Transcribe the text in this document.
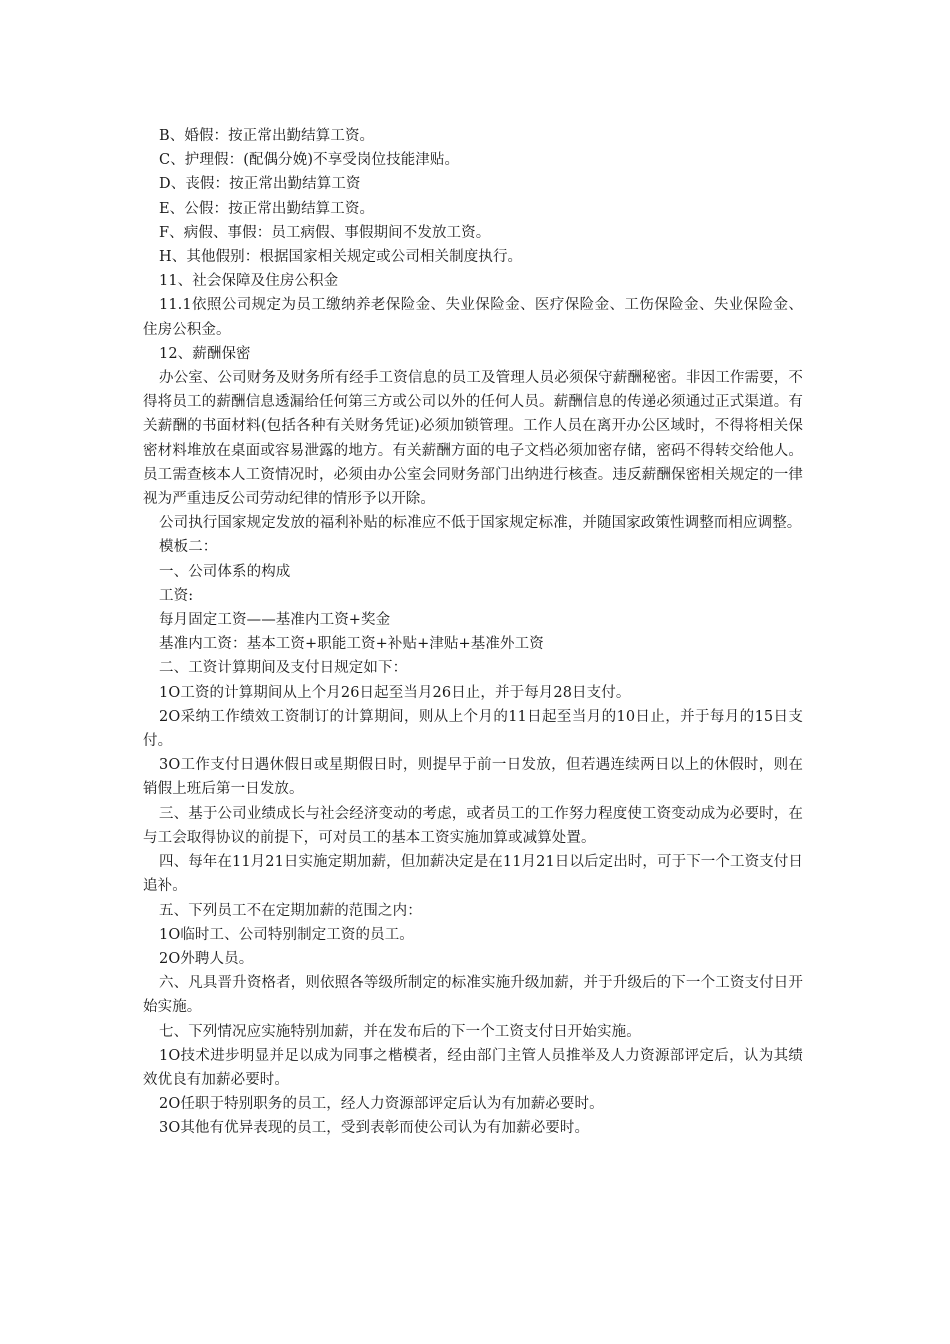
B、婚假：按正常出勤结算工资。

C、护理假：(配偶分娩)不享受岗位技能津贴。

D、丧假：按正常出勤结算工资

E、公假：按正常出勤结算工资。

F、病假、事假：员工病假、事假期间不发放工资。

H、其他假别：根据国家相关规定或公司相关制度执行。

11、社会保障及住房公积金

11.1依照公司规定为员工缴纳养老保险金、失业保险金、医疗保险金、工伤保险金、失业保险金、住房公积金。

12、薪酬保密

办公室、公司财务及财务所有经手工资信息的员工及管理人员必须保守薪酬秘密。非因工作需要，不得将员工的薪酬信息透漏给任何第三方或公司以外的任何人员。薪酬信息的传递必须通过正式渠道。有关薪酬的书面材料(包括各种有关财务凭证)必须加锁管理。工作人员在离开办公区域时，不得将相关保密材料堆放在桌面或容易泄露的地方。有关薪酬方面的电子文档必须加密存储，密码不得转交给他人。员工需查核本人工资情况时，必须由办公室会同财务部门出纳进行核查。违反薪酬保密相关规定的一律视为严重违反公司劳动纪律的情形予以开除。

公司执行国家规定发放的福利补贴的标准应不低于国家规定标准，并随国家政策性调整而相应调整。

模板二：

一、公司体系的构成

工资:

每月固定工资——基准内工资+奖金

基准内工资：基本工资+职能工资+补贴+津贴+基准外工资

二、工资计算期间及支付日规定如下：

1O工资的计算期间从上个月26日起至当月26日止，并于每月28日支付。

2O采纳工作绩效工资制订的计算期间，则从上个月的11日起至当月的10日止，并于每月的15日支付。

3O工作支付日遇休假日或星期假日时，则提早于前一日发放，但若遇连续两日以上的休假时，则在销假上班后第一日发放。

三、基于公司业绩成长与社会经济变动的考虑，或者员工的工作努力程度使工资变动成为必要时，在与工会取得协议的前提下，可对员工的基本工资实施加算或减算处置。

四、每年在11月21日实施定期加薪，但加薪决定是在11月21日以后定出时，可于下一个工资支付日追补。

五、下列员工不在定期加薪的范围之内：

1O临时工、公司特别制定工资的员工。

2O外聘人员。

六、凡具晋升资格者，则依照各等级所制定的标准实施升级加薪，并于升级后的下一个工资支付日开始实施。

七、下列情况应实施特别加薪，并在发布后的下一个工资支付日开始实施。

1O技术进步明显并足以成为同事之楷模者，经由部门主管人员推举及人力资源部评定后，认为其绩效优良有加薪必要时。

2O任职于特别职务的员工，经人力资源部评定后认为有加薪必要时。

3O其他有优异表现的员工，受到表彰而使公司认为有加薪必要时。
